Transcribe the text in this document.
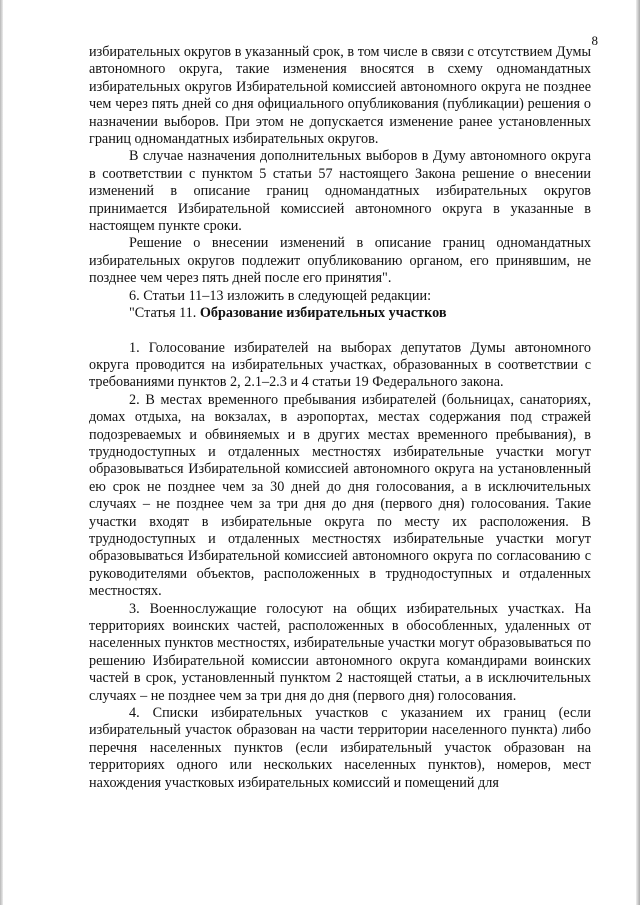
8

избирательных округов в указанный срок, в том числе в связи с отсутствием Думы автономного округа, такие изменения вносятся в схему одномандатных избирательных округов Избирательной комиссией автономного округа не позднее чем через пять дней со дня официального опубликования (публикации) решения о назначении выборов. При этом не допускается изменение ранее установленных границ одномандатных избирательных округов.

В случае назначения дополнительных выборов в Думу автономного округа в соответствии с пунктом 5 статьи 57 настоящего Закона решение о внесении изменений в описание границ одномандатных избирательных округов принимается Избирательной комиссией автономного округа в указанные в настоящем пункте сроки.

Решение о внесении изменений в описание границ одномандатных избирательных округов подлежит опубликованию органом, его принявшим, не позднее чем через пять дней после его принятия".

6. Статьи 11–13 изложить в следующей редакции:

"Статья 11. Образование избирательных участков

1. Голосование избирателей на выборах депутатов Думы автономного округа проводится на избирательных участках, образованных в соответствии с требованиями пунктов 2, 2.1–2.3 и 4 статьи 19 Федерального закона.

2. В местах временного пребывания избирателей (больницах, санаториях, домах отдыха, на вокзалах, в аэропортах, местах содержания под стражей подозреваемых и обвиняемых и в других местах временного пребывания), в труднодоступных и отдаленных местностях избирательные участки могут образовываться Избирательной комиссией автономного округа на установленный ею срок не позднее чем за 30 дней до дня голосования, а в исключительных случаях – не позднее чем за три дня до дня (первого дня) голосования. Такие участки входят в избирательные округа по месту их расположения. В труднодоступных и отдаленных местностях избирательные участки могут образовываться Избирательной комиссией автономного округа по согласованию с руководителями объектов, расположенных в труднодоступных и отдаленных местностях.

3. Военнослужащие голосуют на общих избирательных участках. На территориях воинских частей, расположенных в обособленных, удаленных от населенных пунктов местностях, избирательные участки могут образовываться по решению Избирательной комиссии автономного округа командирами воинских частей в срок, установленный пунктом 2 настоящей статьи, а в исключительных случаях – не позднее чем за три дня до дня (первого дня) голосования.

4. Списки избирательных участков с указанием их границ (если избирательный участок образован на части территории населенного пункта) либо перечня населенных пунктов (если избирательный участок образован на территориях одного или нескольких населенных пунктов), номеров, мест нахождения участковых избирательных комиссий и помещений для
